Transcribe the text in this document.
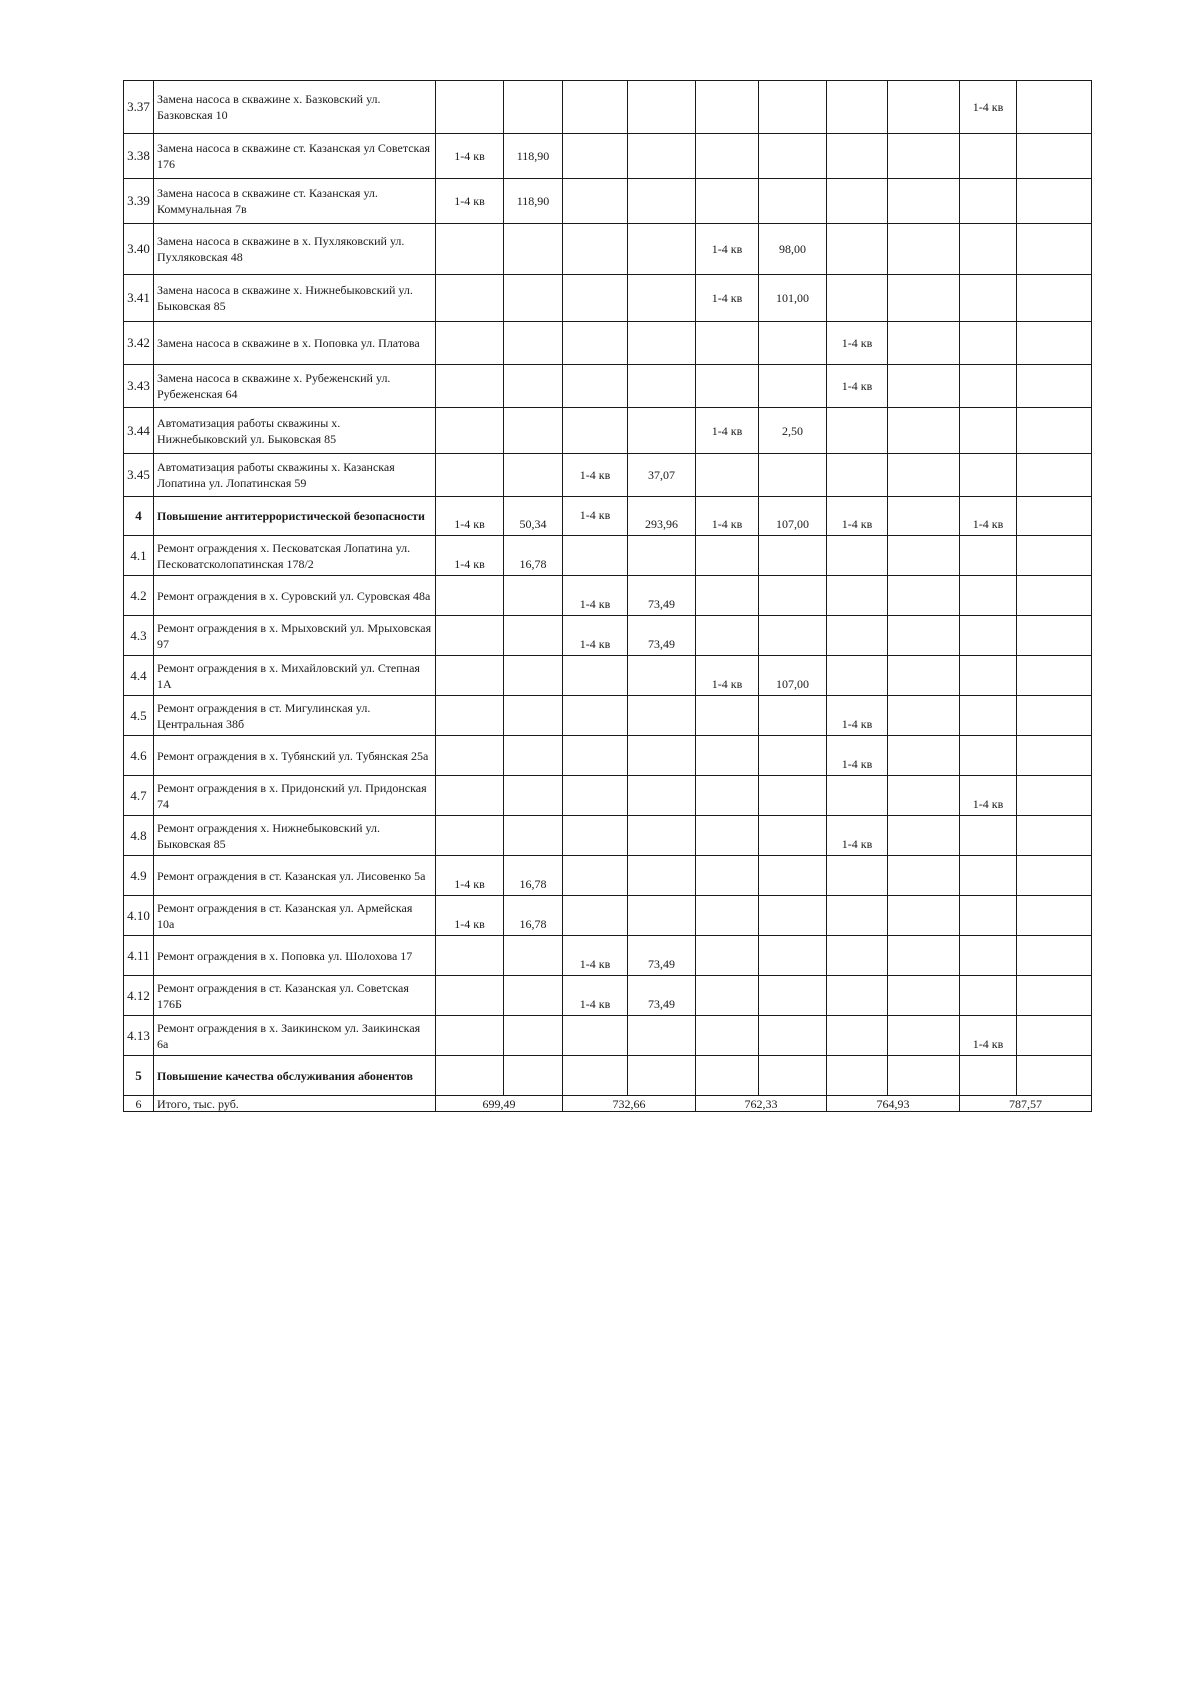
3.37	Замена насоса в скважине х. Базковский ул. Базковская 10									1-4 кв	
3.38	Замена насоса в скважине ст. Казанская ул Советская 176	1-4 кв	118,90								
3.39	Замена насоса в скважине ст. Казанская ул. Коммунальная 7в	1-4 кв	118,90								
3.40	Замена насоса в скважине в х. Пухляковский ул. Пухляковская 48					1-4 кв	98,00				
3.41	Замена насоса в скважине х. Нижнебыковский ул. Быковская 85					1-4 кв	101,00				
3.42	Замена насоса в скважине в х. Поповка ул. Платова							1-4 кв			
3.43	Замена насоса в скважине х. Рубеженский ул. Рубеженская 64							1-4 кв			
3.44	Автоматизация работы скважины х. Нижнебыковский ул. Быковская 85					1-4 кв	2,50				
3.45	Автоматизация работы скважины х. Казанская Лопатина ул. Лопатинская 59			1-4 кв	37,07						
4	Повышение антитеррористической безопасности	1-4 кв	50,34	1-4 кв	293,96	1-4 кв	107,00	1-4 кв		1-4 кв	
4.1	Ремонт ограждения х. Песковатская Лопатина ул. Песковатсколопатинская 178/2	1-4 кв	16,78								
4.2	Ремонт ограждения в х. Суровский ул. Суровская 48а			1-4 кв	73,49						
4.3	Ремонт ограждения в х. Мрыховский ул. Мрыховская 97			1-4 кв	73,49						
4.4	Ремонт ограждения в х. Михайловский ул. Степная 1А					1-4 кв	107,00				
4.5	Ремонт ограждения в ст. Мигулинская ул. Центральная 38б							1-4 кв			
4.6	Ремонт ограждения в х. Тубянский ул. Тубянская 25а							1-4 кв			
4.7	Ремонт ограждения в х. Придонский ул. Придонская 74									1-4 кв	
4.8	Ремонт ограждения х. Нижнебыковский ул. Быковская 85							1-4 кв			
4.9	Ремонт ограждения в ст. Казанская ул. Лисовенко 5а	1-4 кв	16,78								
4.10	Ремонт ограждения в ст. Казанская ул. Армейская 10а	1-4 кв	16,78								
4.11	Ремонт ограждения в х. Поповка ул. Шолохова 17			1-4 кв	73,49						
4.12	Ремонт ограждения в ст. Казанская ул. Советская 176Б			1-4 кв	73,49						
4.13	Ремонт ограждения в х. Заикинском ул. Заикинская 6а									1-4 кв	
5	Повышение качества обслуживания абонентов										
6	Итого, тыс. руб.	699,49		732,66		762,33		764,93		787,57	
